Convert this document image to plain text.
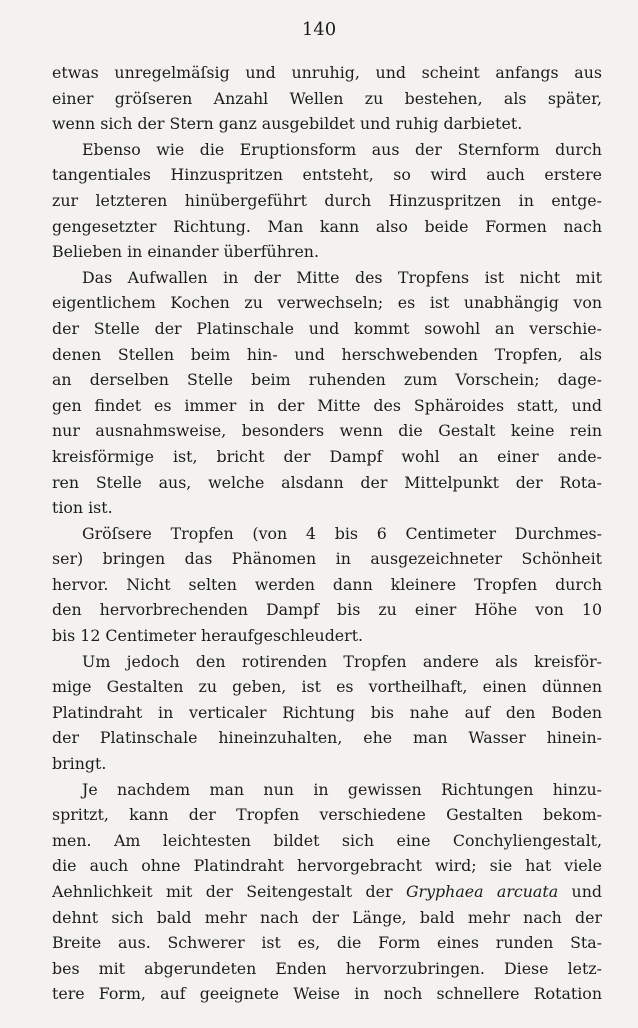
140
etwas unregelmäſsig und unruhig, und scheint anfangs aus
einer gröſseren Anzahl Wellen zu bestehen, als später,
wenn sich der Stern ganz ausgebildet und ruhig darbietet.
Ebenso wie die Eruptionsform aus der Sternform durch
tangentiales Hinzuspritzen entsteht, so wird auch erstere
zur letzteren hinübergeführt durch Hinzuspritzen in entge-
gengesetzter Richtung. Man kann also beide Formen nach
Belieben in einander überführen.
Das Aufwallen in der Mitte des Tropfens ist nicht mit
eigentlichem Kochen zu verwechseln; es ist unabhängig von
der Stelle der Platinschale und kommt sowohl an verschie-
denen Stellen beim hin- und herschwebenden Tropfen, als
an derselben Stelle beim ruhenden zum Vorschein; dage-
gen findet es immer in der Mitte des Sphäroides statt, und
nur ausnahmsweise, besonders wenn die Gestalt keine rein
kreisförmige ist, bricht der Dampf wohl an einer ande-
ren Stelle aus, welche alsdann der Mittelpunkt der Rota-
tion ist.
Gröſsere Tropfen (von 4 bis 6 Centimeter Durchmes-
ser) bringen das Phänomen in ausgezeichneter Schönheit
hervor. Nicht selten werden dann kleinere Tropfen durch
den hervorbrechenden Dampf bis zu einer Höhe von 10
bis 12 Centimeter heraufgeschleudert.
Um jedoch den rotirenden Tropfen andere als kreisför-
mige Gestalten zu geben, ist es vortheilhaft, einen dünnen
Platindraht in verticaler Richtung bis nahe auf den Boden
der Platinschale hineinzuhalten, ehe man Wasser hinein-
bringt.
Je nachdem man nun in gewissen Richtungen hinzu-
spritzt, kann der Tropfen verschiedene Gestalten bekom-
men. Am leichtesten bildet sich eine Conchyliengestalt,
die auch ohne Platindraht hervorgebracht wird; sie hat viele
Aehnlichkeit mit der Seitengestalt der Gryphaea arcuata und
dehnt sich bald mehr nach der Länge, bald mehr nach der
Breite aus. Schwerer ist es, die Form eines runden Sta-
bes mit abgerundeten Enden hervorzubringen. Diese letz-
tere Form, auf geeignete Weise in noch schnellere Rotation
